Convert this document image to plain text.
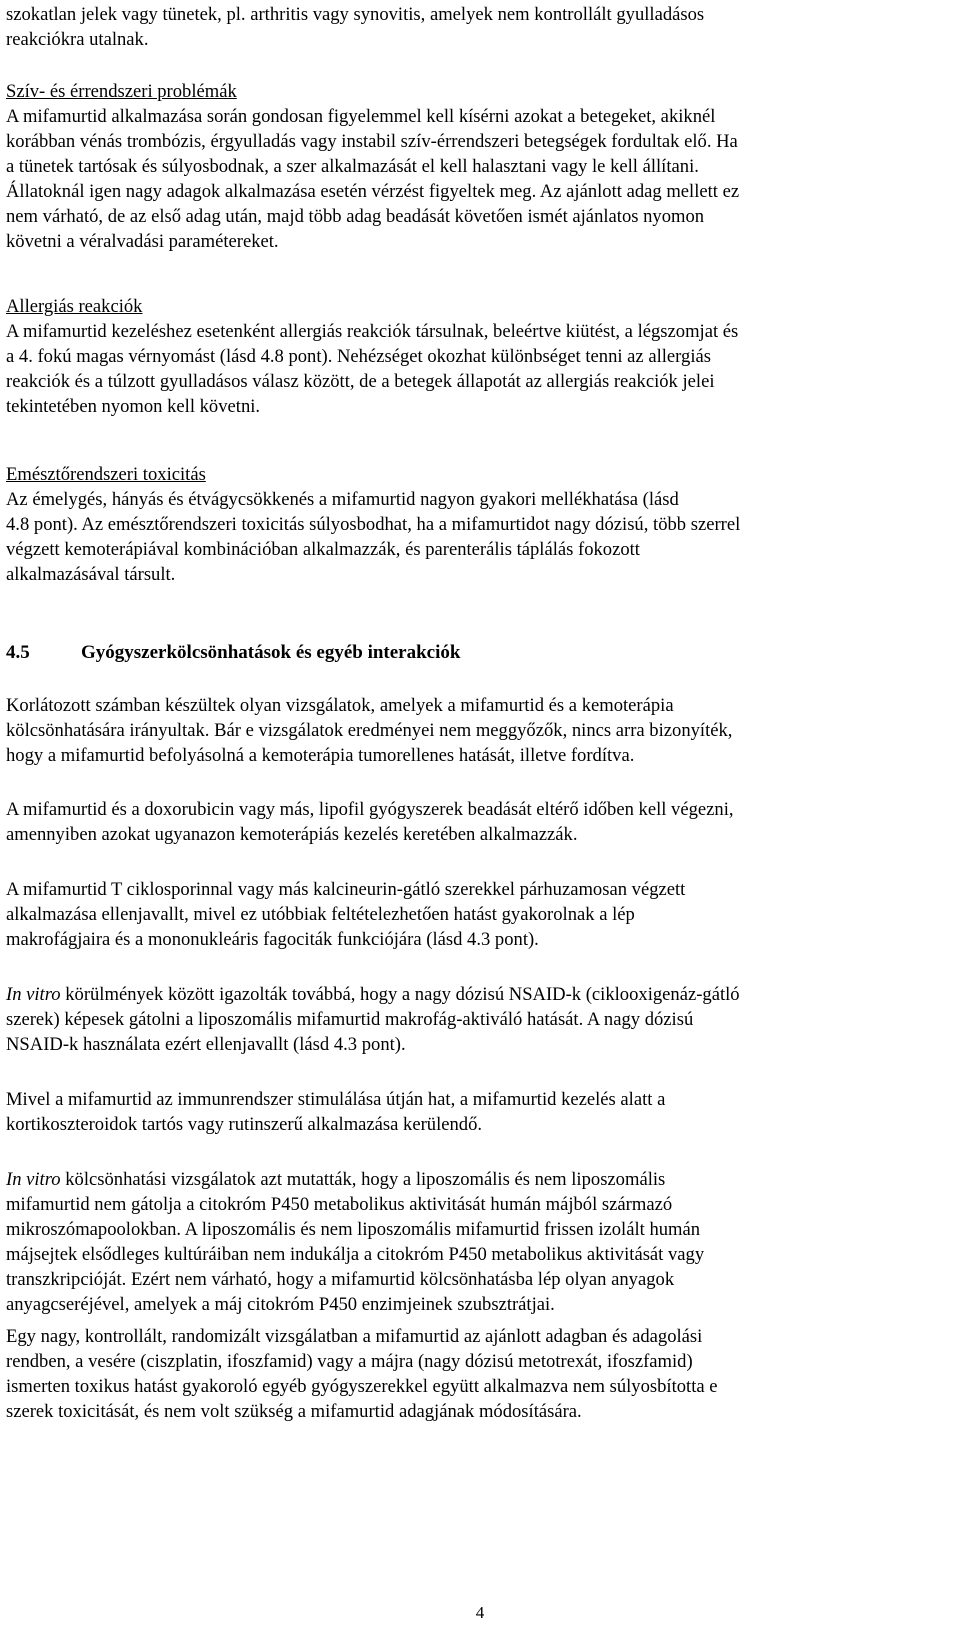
szokatlan jelek vagy tünetek, pl. arthritis vagy synovitis, amelyek nem kontrollált gyulladásos
reakciókra utalnak.
Szív- és érrendszeri problémák
A mifamurtid alkalmazása során gondosan figyelemmel kell kísérni azokat a betegeket, akiknél
korábban vénás trombózis, érgyulladás vagy instabil szív-érrendszeri betegségek fordultak elő. Ha
a tünetek tartósak és súlyosbodnak, a szer alkalmazását el kell halasztani vagy le kell állítani.
Állatoknál igen nagy adagok alkalmazása esetén vérzést figyeltek meg. Az ajánlott adag mellett ez
nem várható, de az első adag után, majd több adag beadását követően ismét ajánlatos nyomon
követni a véralvadási paramétereket.
Allergiás reakciók
A mifamurtid kezeléshez esetenként allergiás reakciók társulnak, beleértve kiütést, a légszomjat és
a 4. fokú magas vérnyomást (lásd 4.8 pont). Nehézséget okozhat különbséget tenni az allergiás
reakciók és a túlzott gyulladásos válasz között, de a betegek állapotát az allergiás reakciók jelei
tekintetében nyomon kell követni.
Emésztőrendszeri toxicitás
Az émelygés, hányás és étvágycsökkenés a mifamurtid nagyon gyakori mellékhatása (lásd
4.8 pont). Az emésztőrendszeri toxicitás súlyosbodhat, ha a mifamurtidot nagy dózisú, több szerrel
végzett kemoterápiával kombinációban alkalmazzák, és parenterális táplálás fokozott
alkalmazásával társult.
4.5	Gyógyszerkölcsönhatások és egyéb interakciók
Korlátozott számban készültek olyan vizsgálatok, amelyek a mifamurtid és a kemoterápia
kölcsönhatására irányultak. Bár e vizsgálatok eredményei nem meggyőzők, nincs arra bizonyíték,
hogy a mifamurtid befolyásolná a kemoterápia tumorellenes hatását, illetve fordítva.
A mifamurtid és a doxorubicin vagy más, lipofil gyógyszerek beadását eltérő időben kell végezni,
amennyiben azokat ugyanazon kemoterápiás kezelés keretében alkalmazzák.
A mifamurtid T ciklosporinnal vagy más kalcineurin-gátló szerekkel párhuzamosan végzett
alkalmazása ellenjavallt, mivel ez utóbbiak feltételezhetően hatást gyakorolnak a lép
makrofágjaira és a mononukleáris fagociták funkciójára (lásd 4.3 pont).
In vitro körülmények között igazolták továbbá, hogy a nagy dózisú NSAID-k (ciklooxigenáz-gátló
szerek) képesek gátolni a liposzomális mifamurtid makrofág-aktiváló hatását. A nagy dózisú
NSAID-k használata ezért ellenjavallt (lásd 4.3 pont).
Mivel a mifamurtid az immunrendszer stimulálása útján hat, a mifamurtid kezelés alatt a
kortikoszteroidok tartós vagy rutinszerű alkalmazása kerülendő.
In vitro kölcsönhatási vizsgálatok azt mutatták, hogy a liposzomális és nem liposzomális
mifamurtid nem gátolja a citokróm P450 metabolikus aktivitását humán májból származó
mikroszómapoolokban. A liposzomális és nem liposzomális mifamurtid frissen izolált humán
májsejtek elsődleges kultúráiban nem indukálja a citokróm P450 metabolikus aktivitását vagy
transzkripcióját. Ezért nem várható, hogy a mifamurtid kölcsönhatásba lép olyan anyagok
anyagcseréjével, amelyek a máj citokróm P450 enzimjeinek szubsztrátjai.
Egy nagy, kontrollált, randomizált vizsgálatban a mifamurtid az ajánlott adagban és adagolási
rendben, a vesére (ciszplatin, ifoszfamid) vagy a májra (nagy dózisú metotrexát, ifoszfamid)
ismerten toxikus hatást gyakoroló egyéb gyógyszerekkel együtt alkalmazva nem súlyosbította e
szerek toxicitását, és nem volt szükség a mifamurtid adagjának módosítására.
4
